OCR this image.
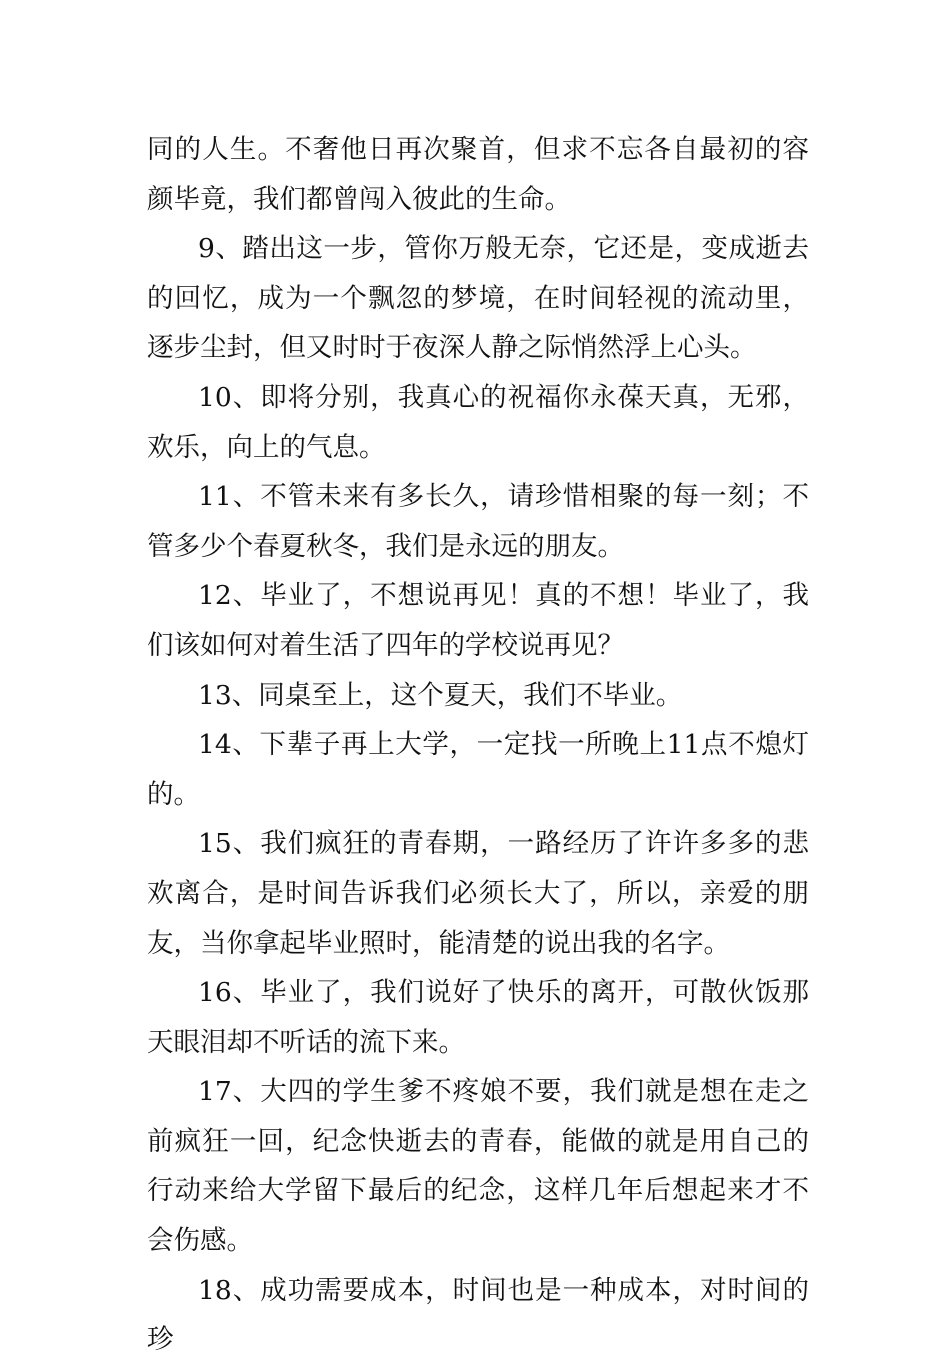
同的人生。不奢他日再次聚首，但求不忘各自最初的容颜毕竟，我们都曾闯入彼此的生命。

9、踏出这一步，管你万般无奈，它还是，变成逝去的回忆，成为一个飘忽的梦境，在时间轻视的流动里，逐步尘封，但又时时于夜深人静之际悄然浮上心头。

10、即将分别，我真心的祝福你永葆天真，无邪，欢乐，向上的气息。

11、不管未来有多长久，请珍惜相聚的每一刻；不管多少个春夏秋冬，我们是永远的朋友。

12、毕业了，不想说再见！真的不想！毕业了，我们该如何对着生活了四年的学校说再见？

13、同桌至上，这个夏天，我们不毕业。

14、下辈子再上大学，一定找一所晚上11点不熄灯的。

15、我们疯狂的青春期，一路经历了许许多多的悲欢离合，是时间告诉我们必须长大了，所以，亲爱的朋友，当你拿起毕业照时，能清楚的说出我的名字。

16、毕业了，我们说好了快乐的离开，可散伙饭那天眼泪却不听话的流下来。

17、大四的学生爹不疼娘不要，我们就是想在走之前疯狂一回，纪念快逝去的青春，能做的就是用自己的行动来给大学留下最后的纪念，这样几年后想起来才不会伤感。

18、成功需要成本，时间也是一种成本，对时间的珍
